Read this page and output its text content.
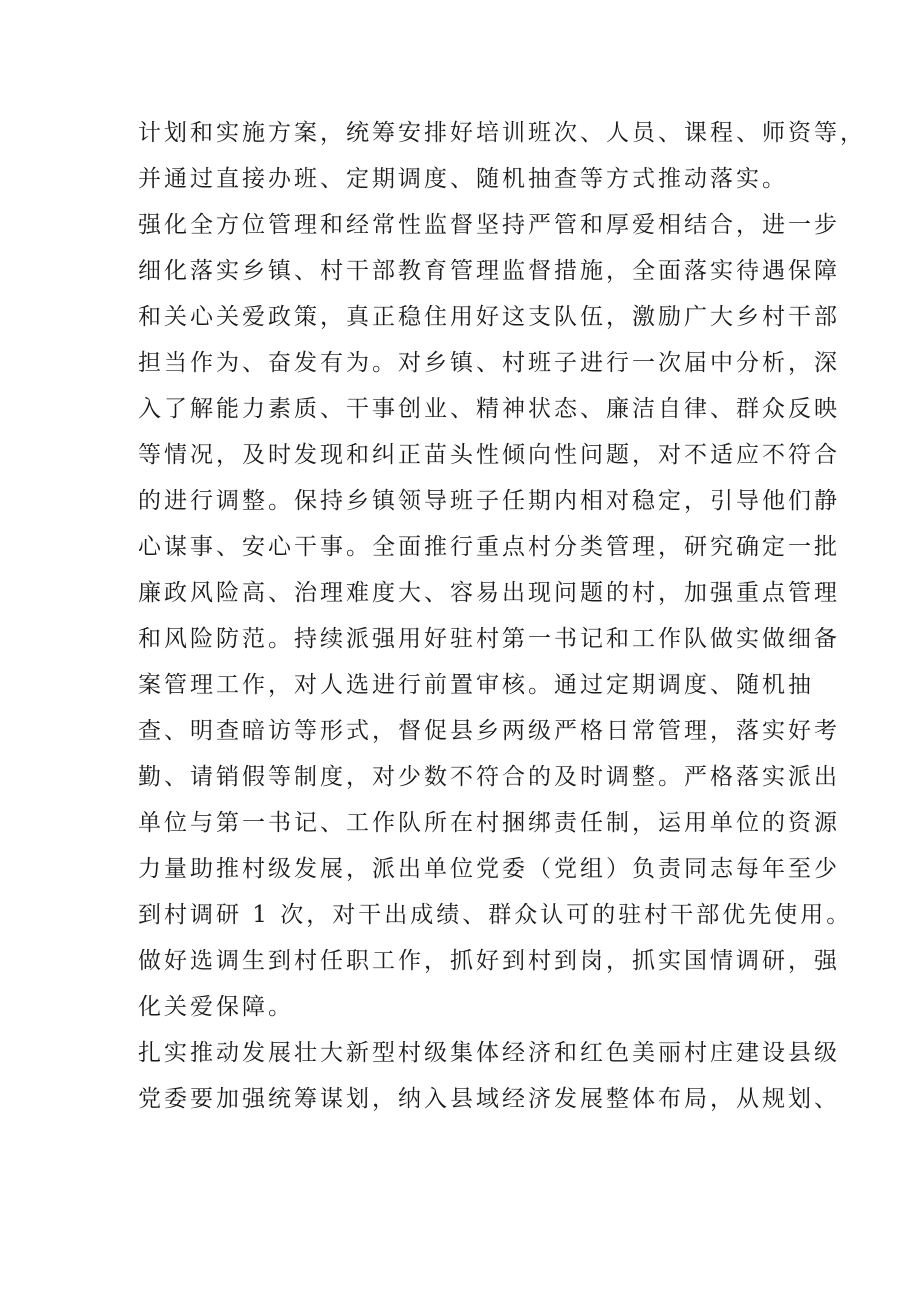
计划和实施方案，统筹安排好培训班次、人员、课程、师资等，
并通过直接办班、定期调度、随机抽查等方式推动落实。
强化全方位管理和经常性监督坚持严管和厚爱相结合，进一步
细化落实乡镇、村干部教育管理监督措施，全面落实待遇保障
和关心关爱政策，真正稳住用好这支队伍，激励广大乡村干部
担当作为、奋发有为。对乡镇、村班子进行一次届中分析，深
入了解能力素质、干事创业、精神状态、廉洁自律、群众反映
等情况，及时发现和纠正苗头性倾向性问题，对不适应不符合
的进行调整。保持乡镇领导班子任期内相对稳定，引导他们静
心谋事、安心干事。全面推行重点村分类管理，研究确定一批
廉政风险高、治理难度大、容易出现问题的村，加强重点管理
和风险防范。持续派强用好驻村第一书记和工作队做实做细备
案管理工作，对人选进行前置审核。通过定期调度、随机抽
查、明查暗访等形式，督促县乡两级严格日常管理，落实好考
勤、请销假等制度，对少数不符合的及时调整。严格落实派出
单位与第一书记、工作队所在村捆绑责任制，运用单位的资源
力量助推村级发展，派出单位党委（党组）负责同志每年至少
到村调研 1 次，对干出成绩、群众认可的驻村干部优先使用。
做好选调生到村任职工作，抓好到村到岗，抓实国情调研，强
化关爱保障。
扎实推动发展壮大新型村级集体经济和红色美丽村庄建设县级
党委要加强统筹谋划，纳入县域经济发展整体布局，从规划、
